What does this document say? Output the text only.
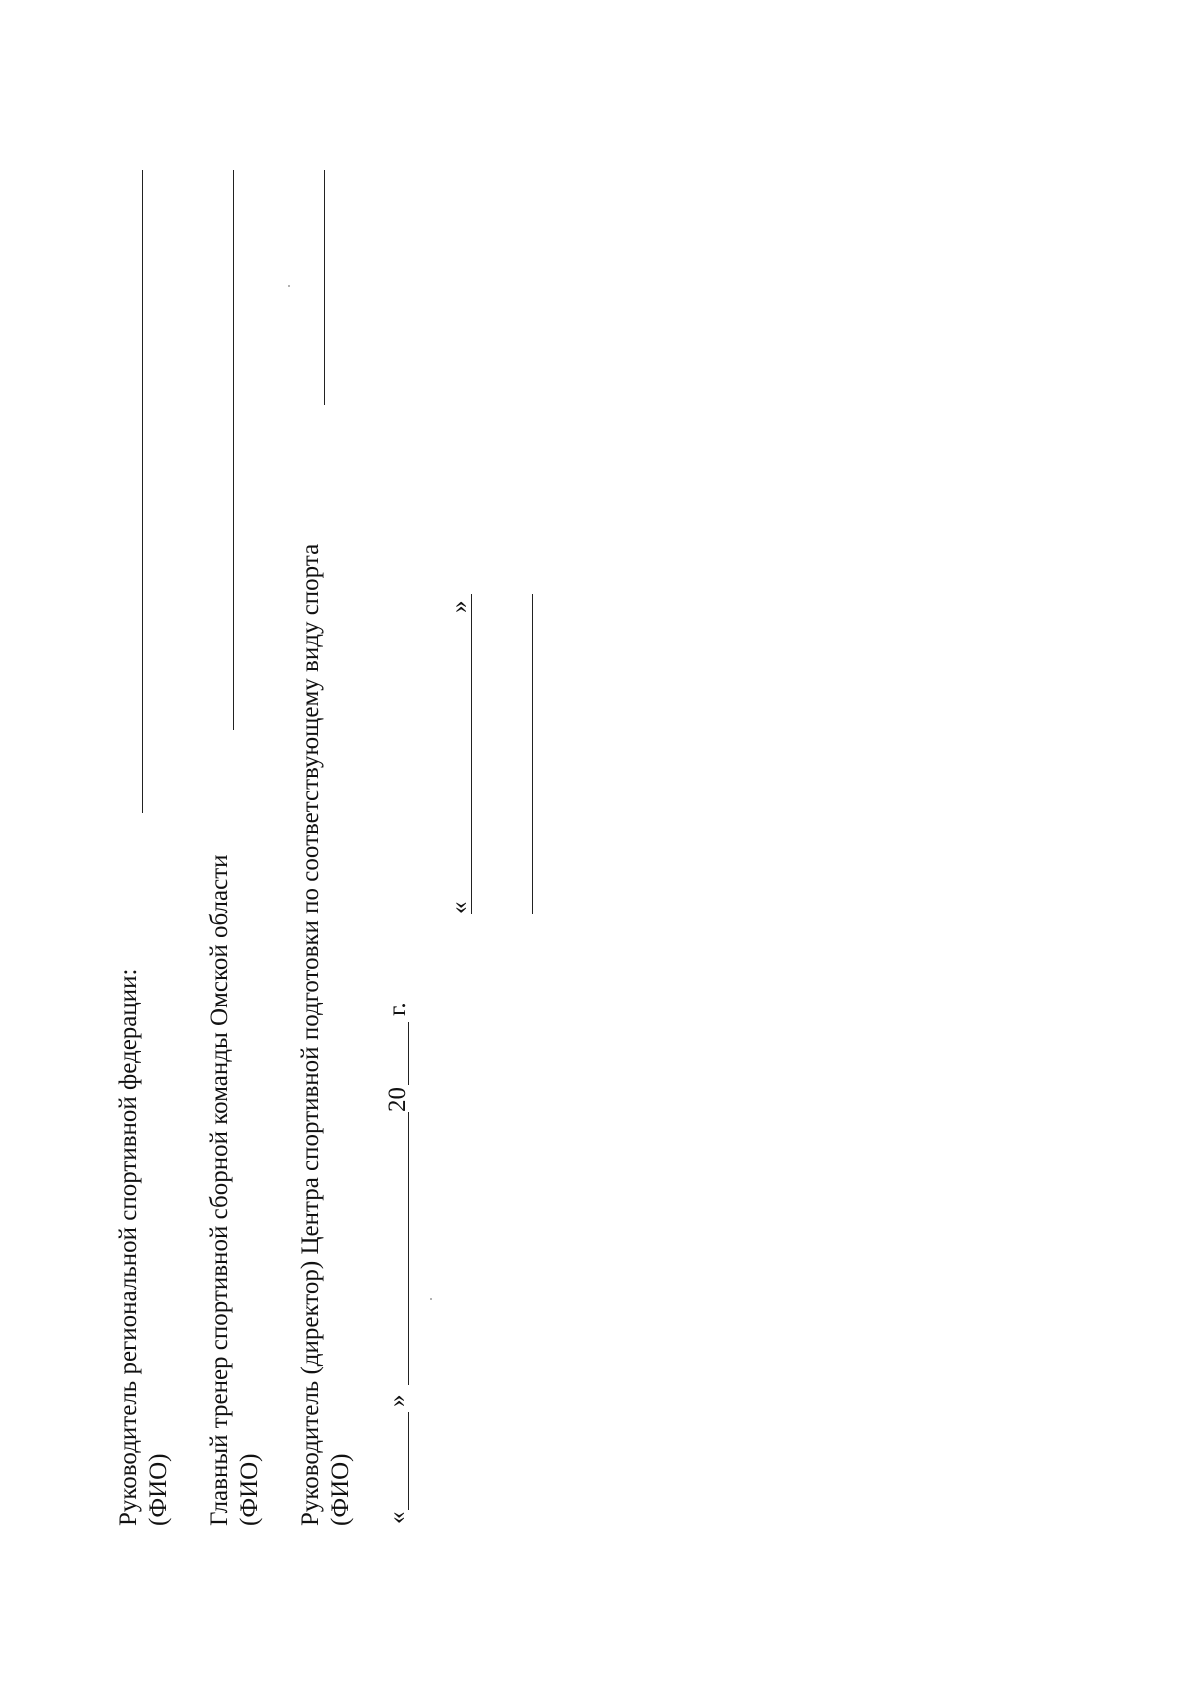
Руководитель региональной спортивной федерации: (ФИО) Главный тренер спортивной сборной команды Омской области (ФИО) Руководитель (директор) Центра спортивной подготовки по соответствующему виду спорта (ФИО) «
»
20
г.
«
»
